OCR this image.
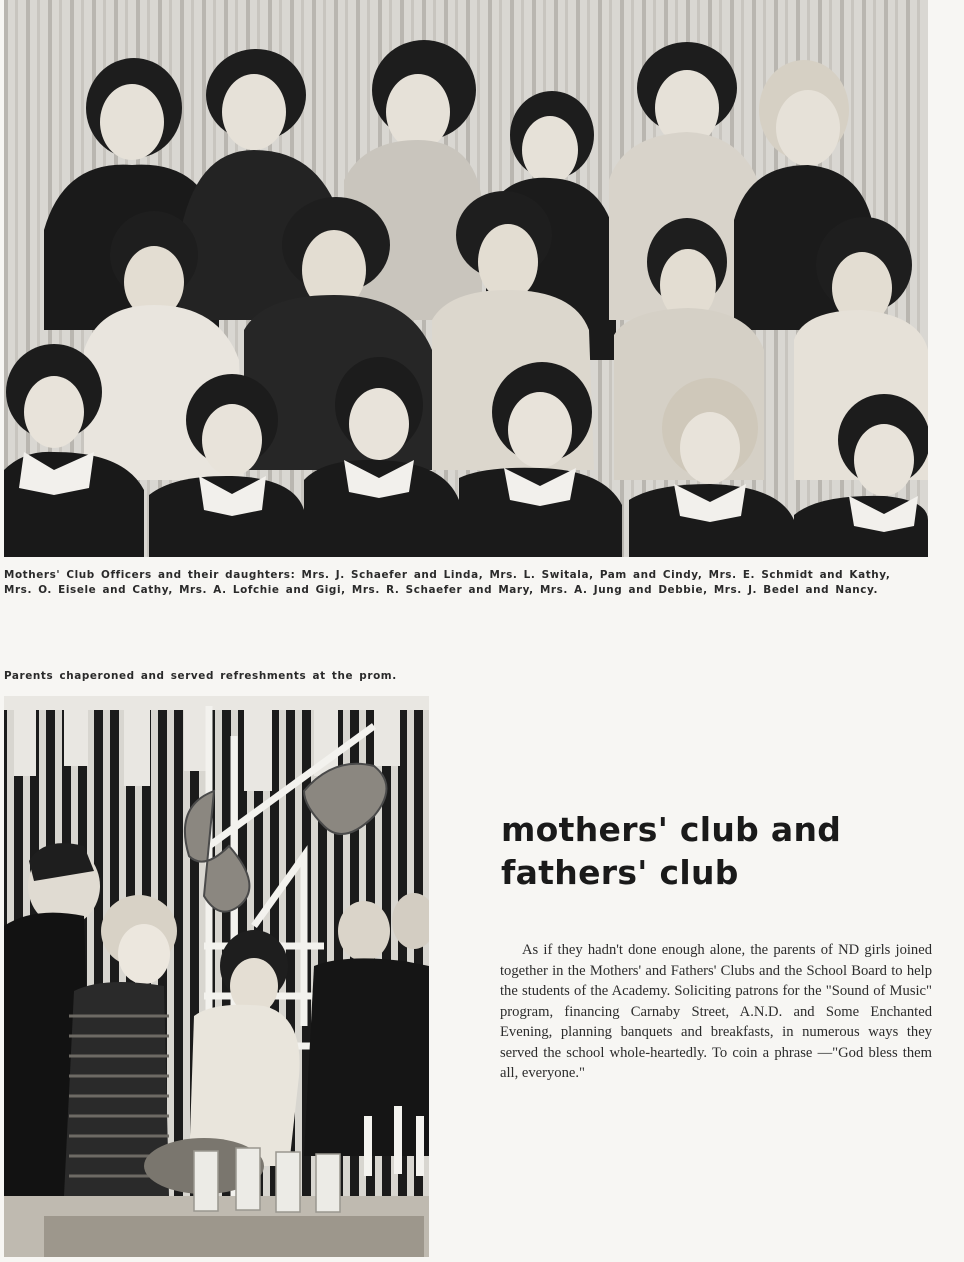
Mothers' Club Officers and their daughters: Mrs. J. Schaefer and Linda, Mrs. L. Switala, Pam and Cindy, Mrs. E. Schmidt and Kathy,
Mrs. O. Eisele and Cathy, Mrs. A. Lofchie and Gigi, Mrs. R. Schaefer and Mary, Mrs. A. Jung and Debbie, Mrs. J. Bedel and Nancy.

Parents chaperoned and served refreshments at the prom.

mothers' club and
fathers' club

As if they hadn't done enough alone, the parents of ND girls joined together in the Mothers' and Fathers' Clubs and the School Board to help the students of the Academy. Soliciting patrons for the "Sound of Music" program, financing Carnaby Street, A.N.D. and Some Enchanted Evening, planning banquets and breakfasts, in numerous ways they served the school whole-heartedly. To coin a phrase —"God bless them all, everyone."
